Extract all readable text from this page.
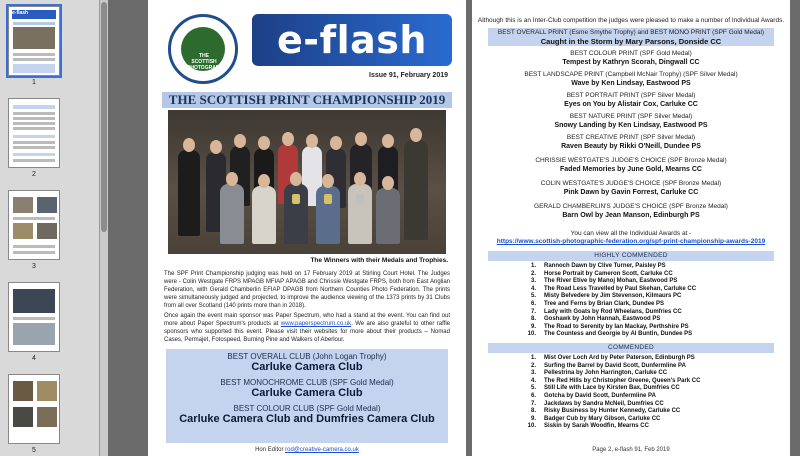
e-flash
1
2
3
4
5
THE SCOTTISH PHOTOGRAPHIC FEDERATION
e-flash
Issue 91, February 2019
THE SCOTTISH PRINT CHAMPIONSHIP 2019
The Winners with their Medals and Trophies.
The SPF Print Championship judging was held on 17 February 2019 at Stirling Court Hotel. The Judges were - Colin Westgate FRPS MPAGB MFIAP APAGB and Chrissie Westgate FRPS, both from East Anglian Federation, with Gerald Chamberlin EFIAP DPAGB from Northern Counties Photo Federation. The prints were simultaneously judged and projected, to improve the audience viewing of the 1373 prints by 31 Clubs from all over Scotland (140 prints more than in 2018).
Once again the event main sponsor was Paper Spectrum, who had a stand at the event. You can find out more about Paper Spectrum's products at www.paperspectrum.co.uk. We are also grateful to other raffle sponsors who supported this event. Please visit their websites for more about their products – Nomad Cases, Permajet, Fotospeed, Burning Pine and Walkers of Aberlour.
BEST OVERALL CLUB (John Logan Trophy)
Carluke Camera Club
BEST MONOCHROME CLUB (SPF Gold Medal)
Carluke Camera Club
BEST COLOUR CLUB (SPF Gold Medal)
Carluke Camera Club and Dumfries Camera Club
Hon Editor rod@creative-camera.co.uk
Although this is an Inter-Club competition the judges were pleased to make a number of Individual Awards.
BEST OVERALL PRINT (Esme Smythe Trophy) and BEST MONO PRINT (SPF Gold Medal)
Caught in the Storm by Mary Parsons, Donside CC
BEST COLOUR PRINT (SPF Gold Medal)
Tempest by Kathryn Scorah, Dingwall CC
BEST LANDSCAPE PRINT (Campbell McNair Trophy) (SPF Silver Medal)
Wave by Ken Lindsay, Eastwood PS
BEST PORTRAIT PRINT (SPF Silver Medal)
Eyes on You by Alistair Cox, Carluke CC
BEST NATURE PRINT (SPF Silver Medal)
Snowy Landing by Ken Lindsay, Eastwood PS
BEST CREATIVE PRINT (SPF Silver Medal)
Raven Beauty by Rikki O'Neill, Dundee PS
CHRISSIE WESTGATE'S JUDGE'S CHOICE (SPF Bronze Medal)
Faded Memories by June Gold, Mearns CC
COLIN WESTGATE'S JUDGE'S CHOICE (SPF Bronze Medal)
Pink Dawn by Gavin Forrest, Carluke CC
GERALD CHAMBERLIN'S JUDGE'S CHOICE (SPF Bronze Medal)
Barn Owl by Jean Manson, Edinburgh PS
You can view all the Individual Awards at -
https://www.scottish-photographic-federation.org/spf-print-championship-awards-2019
HIGHLY COMMENDED
1. Rannoch Dawn by Clive Turner, Paisley PS
2. Horse Portrait by Cameron Scott, Carluke CC
3. The River Etive by Manoj Mohan, Eastwood PS
4. The Road Less Travelled by Paul Skehan, Carluke CC
5. Misty Belvedere by Jim Stevenson, Kilmaurs PC
6. Tree and Ferns by Brian Clark, Dundee PS
7. Lady with Goats by Rod Wheelans, Dumfries CC
8. Goshawk by John Hannah, Eastwood PS
9. The Road to Serenity by Ian Mackay, Perthshire PS
10. The Countess and Georgie by Al Buntin, Dundee PS
COMMENDED
1. Mist Over Loch Ard by Peter Paterson, Edinburgh PS
2. Surfing the Barrel by David Scott, Dunfermline PA
3. Pellestrina by John Harrington, Carluke CC
4. The Red Hills by Christopher Greene, Queen's Park CC
5. Still Life with Lace by Kirsten Bax, Dumfries CC
6. Gotcha by David Scott, Dunfermline PA
7. Jackdaws by Sandra McNeil, Dumfries CC
8. Risky Business by Hunter Kennedy, Carluke CC
9. Badger Cub by Mary Gibson, Carluke CC
10. Siskin by Sarah Woodfin, Mearns CC
Page 2, e-flash 91, Feb 2019
